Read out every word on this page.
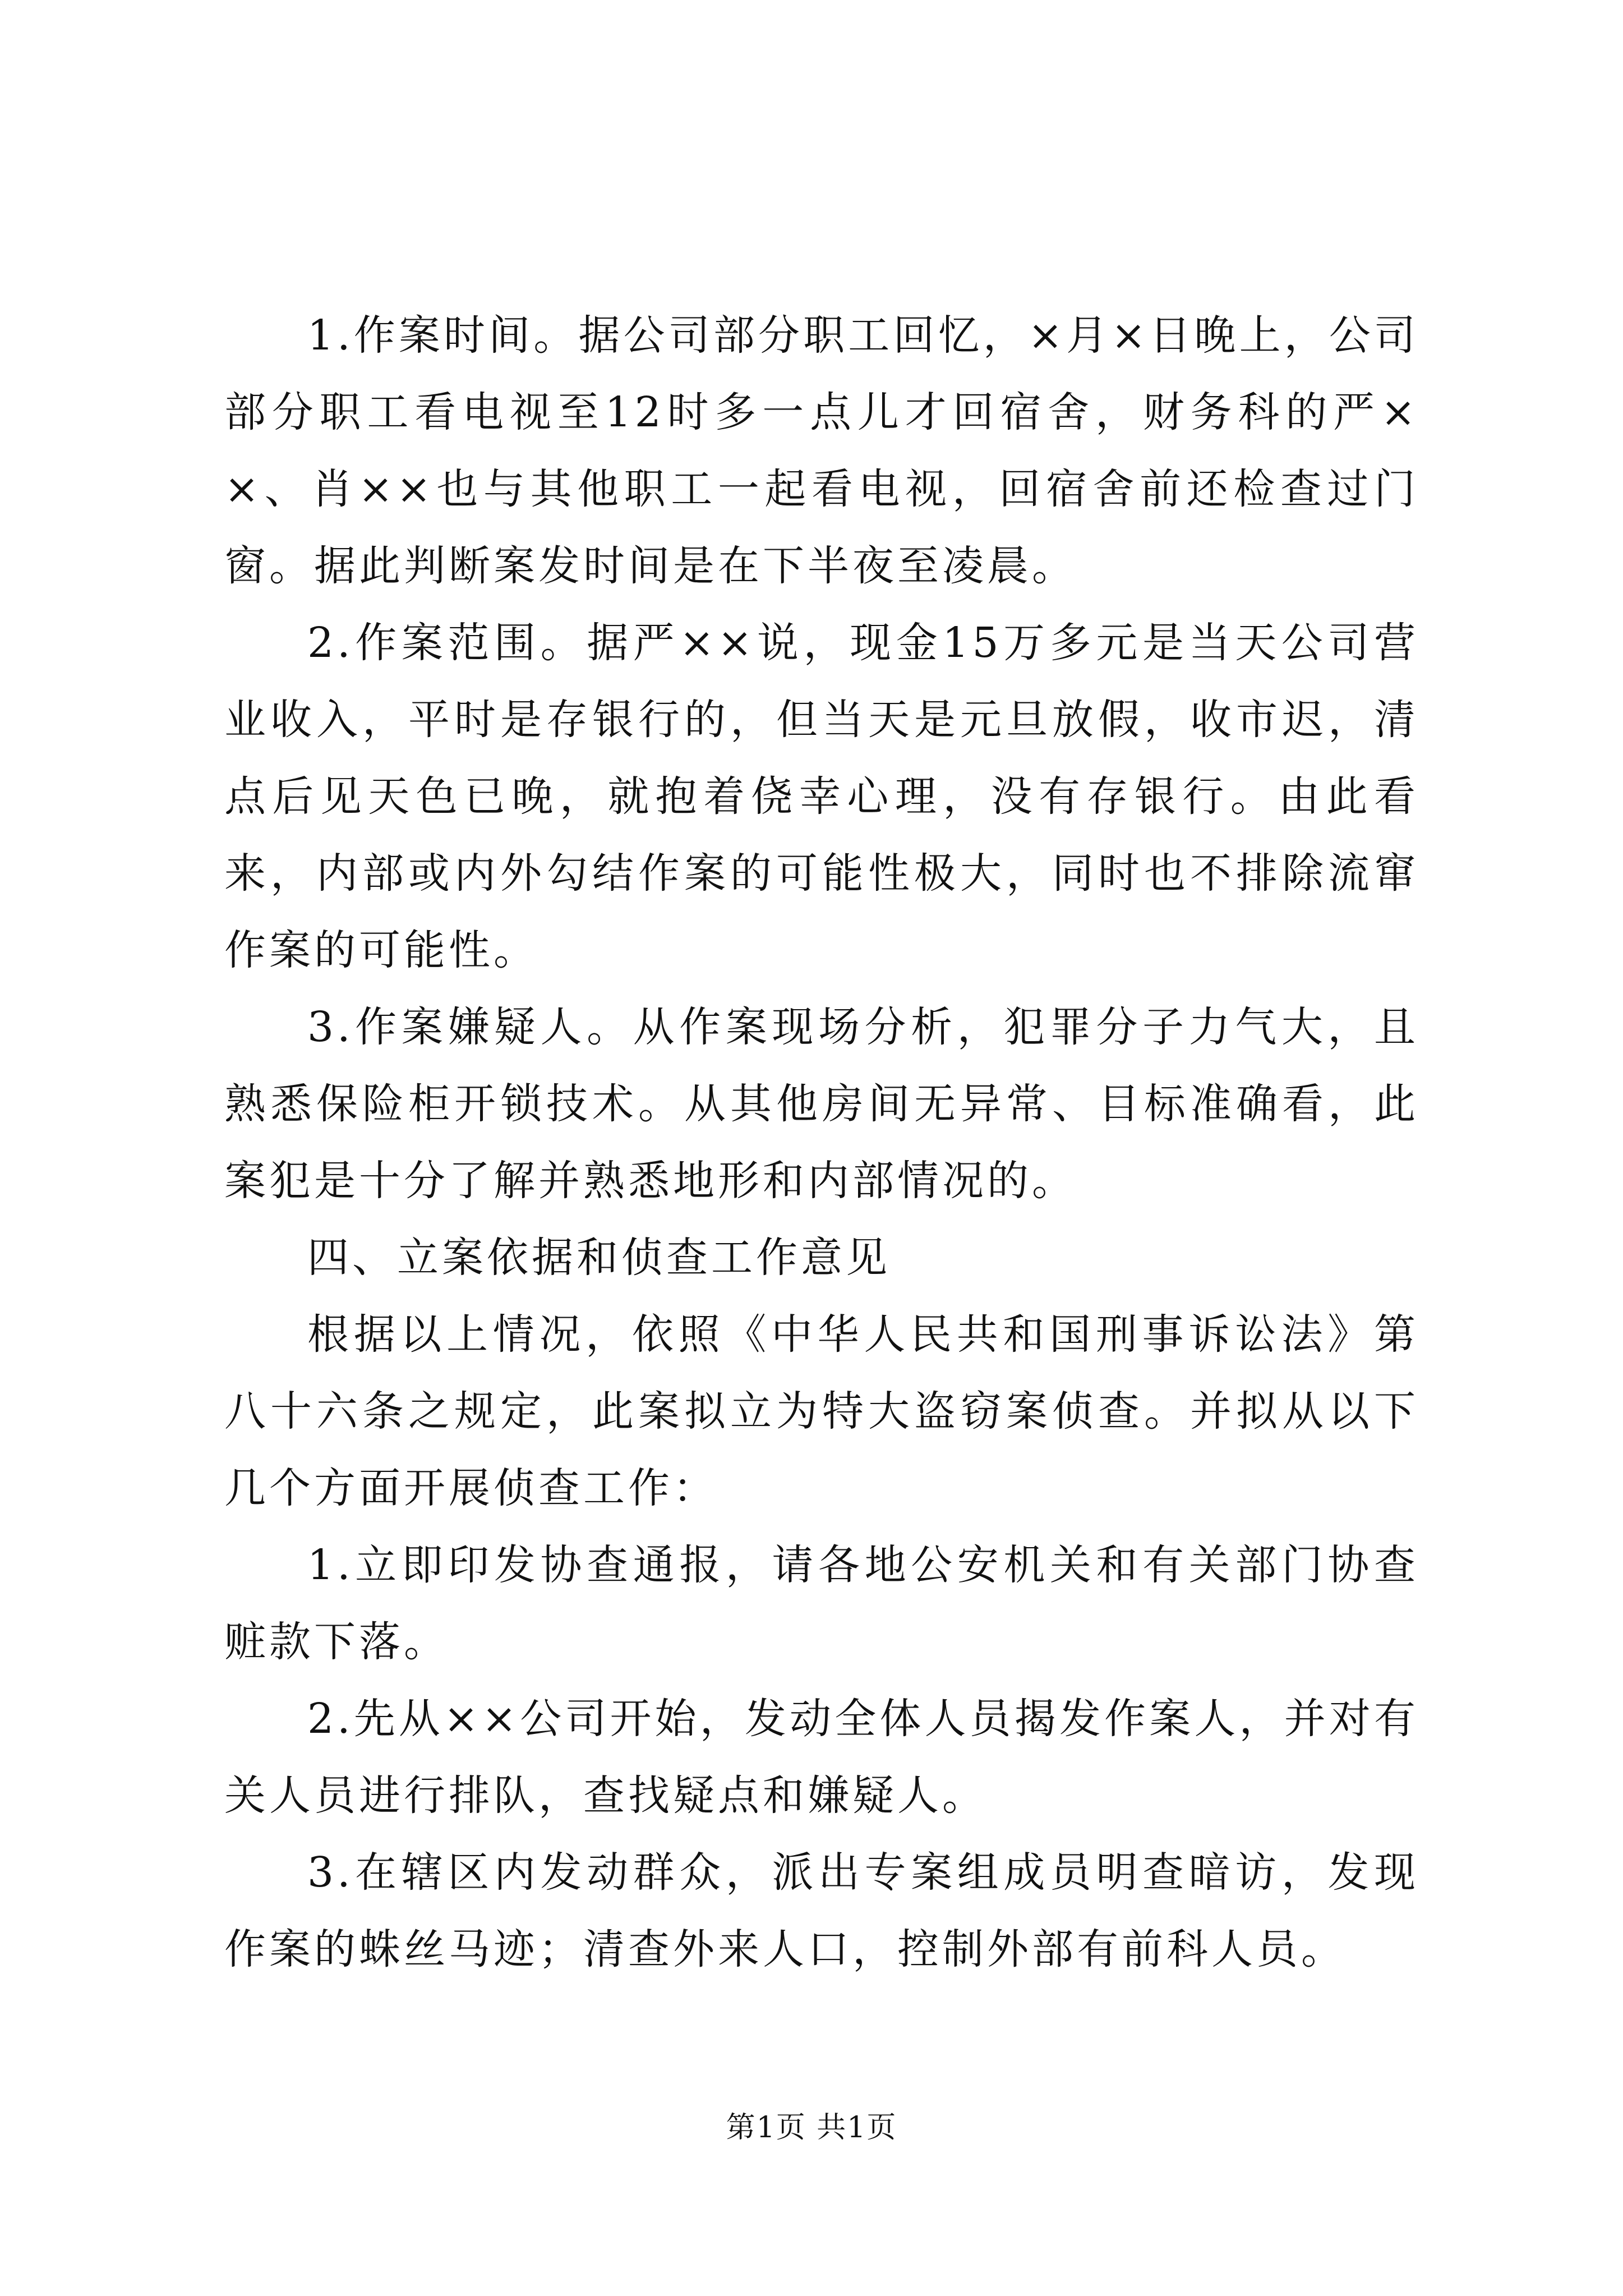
1.作案时间。据公司部分职工回忆，×月×日晚上，公司部分职工看电视至12时多一点儿才回宿舍，财务科的严××、肖××也与其他职工一起看电视，回宿舍前还检查过门窗。据此判断案发时间是在下半夜至凌晨。

2.作案范围。据严××说，现金15万多元是当天公司营业收入，平时是存银行的，但当天是元旦放假，收市迟，清点后见天色已晚，就抱着侥幸心理，没有存银行。由此看来，内部或内外勾结作案的可能性极大，同时也不排除流窜作案的可能性。

3.作案嫌疑人。从作案现场分析，犯罪分子力气大，且熟悉保险柜开锁技术。从其他房间无异常、目标准确看，此案犯是十分了解并熟悉地形和内部情况的。

四、立案依据和侦查工作意见

根据以上情况，依照《中华人民共和国刑事诉讼法》第八十六条之规定，此案拟立为特大盗窃案侦查。并拟从以下几个方面开展侦查工作：

1.立即印发协查通报，请各地公安机关和有关部门协查赃款下落。

2.先从××公司开始，发动全体人员揭发作案人，并对有关人员进行排队，查找疑点和嫌疑人。

3.在辖区内发动群众，派出专案组成员明查暗访，发现作案的蛛丝马迹；清查外来人口，控制外部有前科人员。

第1页 共1页
